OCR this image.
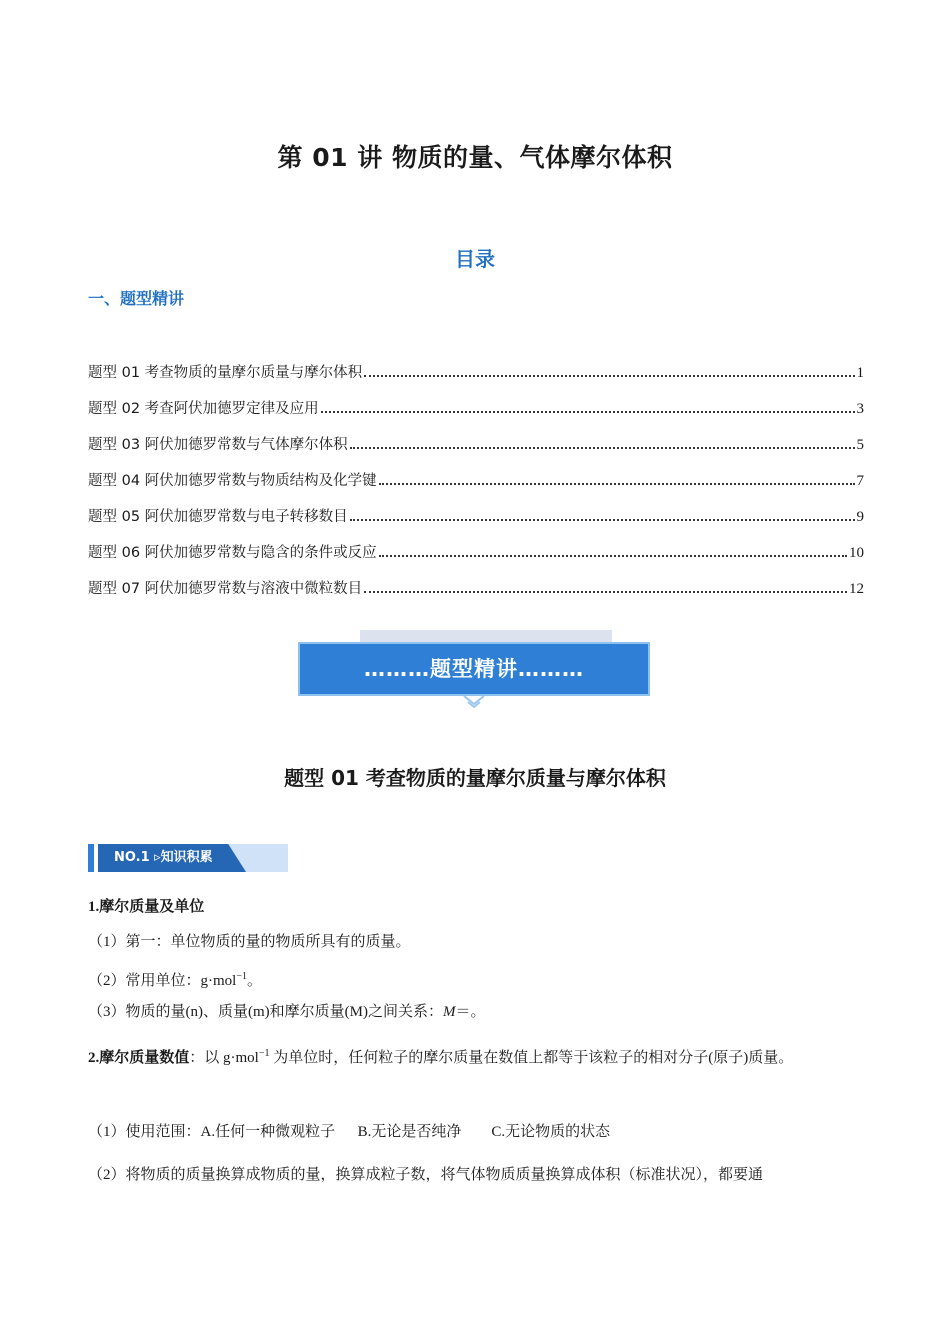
第 01 讲 物质的量、气体摩尔体积
目录
一、题型精讲
题型 01 考查物质的量摩尔质量与摩尔体积	1
题型 02 考查阿伏加德罗定律及应用	3
题型 03 阿伏加德罗常数与气体摩尔体积	5
题型 04 阿伏加德罗常数与物质结构及化学键	7
题型 05 阿伏加德罗常数与电子转移数目	9
题型 06 阿伏加德罗常数与隐含的条件或反应	10
题型 07 阿伏加德罗常数与溶液中微粒数目	12
………题型精讲………
题型 01 考查物质的量摩尔质量与摩尔体积
NO.1 ▹知识积累
1.摩尔质量及单位
（1）第一：单位物质的量的物质所具有的质量。
（2）常用单位：g·mol$^{-1}$。
（3）物质的量(n)、质量(m)和摩尔质量(M)之间关系：M＝。
2.摩尔质量数值：以 g·mol$^{-1}$ 为单位时，任何粒子的摩尔质量在数值上都等于该粒子的相对分子(原子)质量。
（1）使用范围：A.任何一种微观粒子      B.无论是否纯净        C.无论物质的状态
（2）将物质的质量换算成物质的量，换算成粒子数，将气体物质质量换算成体积（标准状况），都要通
